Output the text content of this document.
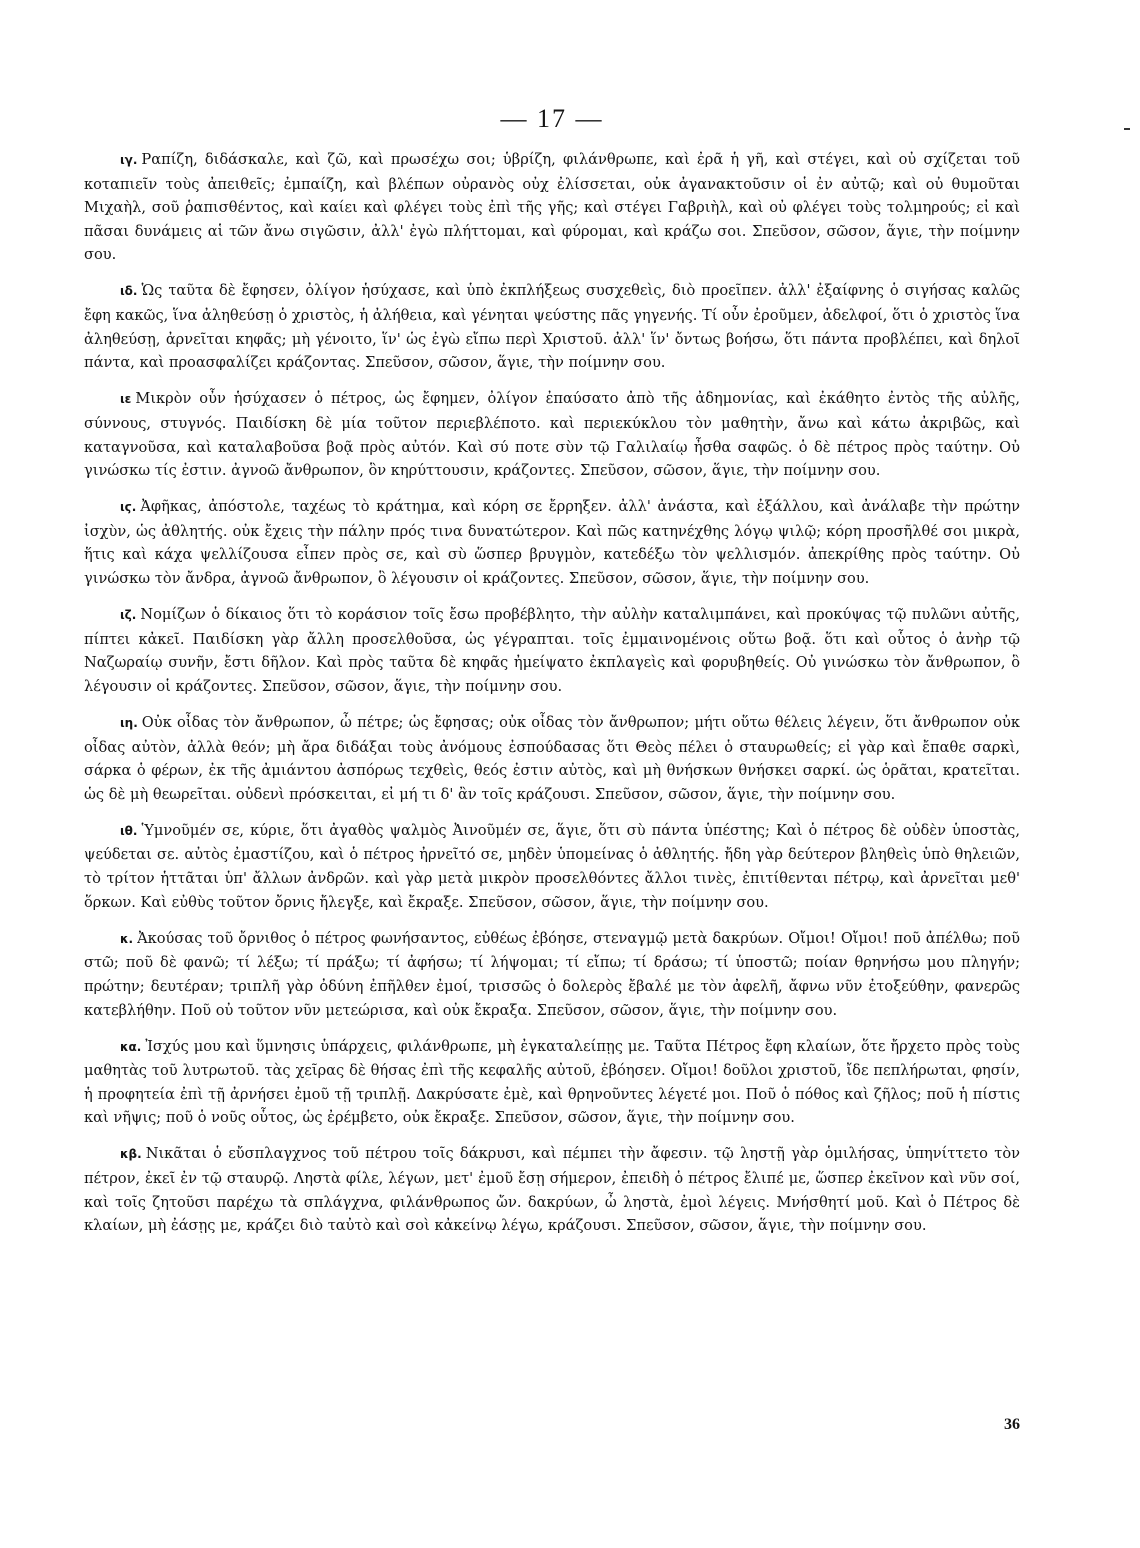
— 17 —

ιγ. Ραπίζη, διδάσκαλε, καὶ ζῶ, καὶ πρωσέχω σοι; ὑβρίζη, φιλάνθρωπε, καὶ ἐρᾶ ἡ γῆ, καὶ στέγει, καὶ οὐ σχίζεται τοῦ κοταπιεῖν τοὺς ἀπειθεῖς; ἐμπαίζη, καὶ βλέπων οὐρανὸς οὐχ ἐλίσσεται, οὐκ ἀγανακτοῦσιν οἱ ἐν αὐτῷ; καὶ οὐ θυμοῦται Μιχαὴλ, σοῦ ῥαπισθέντος, καὶ καίει καὶ φλέγει τοὺς ἐπὶ τῆς γῆς; καὶ στέγει Γαβριὴλ, καὶ οὐ φλέγει τοὺς τολμηρούς; εἰ καὶ πᾶσαι δυνάμεις αἱ τῶν ἄνω σιγῶσιν, ἀλλ' ἐγὼ πλήττομαι, καὶ φύρομαι, καὶ κράζω σοι. Σπεῦσον, σῶσον, ἅγιε, τὴν ποίμνην σου.

ιδ. Ὡς ταῦτα δὲ ἔφησεν, ὀλίγον ἡσύχασε, καὶ ὑπὸ ἐκπλήξεως συσχεθεὶς, διὸ προεῖπεν. ἀλλ' ἐξαίφνης ὁ σιγήσας καλῶς ἔφη κακῶς, ἵνα ἀληθεύσῃ ὁ χριστὸς, ἡ ἀλήθεια, καὶ γένηται ψεύστης πᾶς γηγενής. Τί οὖν ἐροῦμεν, ἀδελφοί, ὅτι ὁ χριστὸς ἵνα ἀληθεύσῃ, ἀρνεῖται κηφᾶς; μὴ γένοιτο, ἵν' ὡς ἐγὼ εἴπω περὶ Χριστοῦ. ἀλλ' ἵν' ὄντως βοήσω, ὅτι πάντα προβλέπει, καὶ δηλοῖ πάντα, καὶ προασφαλίζει κράζοντας. Σπεῦσον, σῶσον, ἅγιε, τὴν ποίμνην σου.

ιε Μικρὸν οὖν ἡσύχασεν ὁ πέτρος, ὡς ἔφημεν, ὀλίγον ἐπαύσατο ἀπὸ τῆς ἀδημονίας, καὶ ἐκάθητο ἐντὸς τῆς αὐλῆς, σύννους, στυγνός. Παιδίσκη δὲ μία τοῦτον περιεβλέποτο. καὶ περιεκύκλου τὸν μαθητὴν, ἄνω καὶ κάτω ἀκριβῶς, καὶ καταγνοῦσα, καὶ καταλαβοῦσα βοᾷ πρὸς αὐτόν. Καὶ σύ ποτε σὺν τῷ Γαλιλαίῳ ἦσθα σαφῶς. ὁ δὲ πέτρος πρὸς ταύτην. Οὐ γινώσκω τίς ἐστιν. ἀγνοῶ ἄνθρωπον, ὃν κηρύττουσιν, κράζοντες. Σπεῦσον, σῶσον, ἅγιε, τὴν ποίμνην σου.

ιϛ. Ἀφῆκας, ἀπόστολε, ταχέως τὸ κράτημα, καὶ κόρη σε ἔρρηξεν. ἀλλ' ἀνάστα, καὶ ἐξάλλου, καὶ ἀνάλαβε τὴν πρώτην ἰσχὺν, ὡς ἀθλητής. οὐκ ἔχεις τὴν πάλην πρός τινα δυνατώτερον. Καὶ πῶς κατηνέχθης λόγῳ ψιλῷ; κόρη προσῆλθέ σοι μικρὰ, ἥτις καὶ κάχα ψελλίζουσα εἶπεν πρὸς σε, καὶ σὺ ὥσπερ βρυγμὸν, κατεδέξω τὸν ψελλισμόν. ἀπεκρίθης πρὸς ταύτην. Οὐ γινώσκω τὸν ἄνδρα, ἀγνοῶ ἄνθρωπον, ὃ λέγουσιν οἱ κράζοντες. Σπεῦσον, σῶσον, ἅγιε, τὴν ποίμνην σου.

ιζ. Νομίζων ὁ δίκαιος ὅτι τὸ κοράσιον τοῖς ἔσω προβέβλητο, τὴν αὐλὴν καταλιμπάνει, καὶ προκύψας τῷ πυλῶνι αὐτῆς, πίπτει κἀκεῖ. Παιδίσκη γὰρ ἄλλη προσελθοῦσα, ὡς γέγραπται. τοῖς ἐμμαινομένοις οὕτω βοᾷ. ὅτι καὶ οὗτος ὁ ἀνὴρ τῷ Ναζωραίῳ συνῆν, ἔστι δῆλον. Καὶ πρὸς ταῦτα δὲ κηφᾶς ἠμείψατο ἐκπλαγεὶς καὶ φορυβηθείς. Οὐ γινώσκω τὸν ἄνθρωπον, ὃ λέγουσιν οἱ κράζοντες. Σπεῦσον, σῶσον, ἅγιε, τὴν ποίμνην σου.

ιη. Οὐκ οἶδας τὸν ἄνθρωπον, ὦ πέτρε; ὡς ἔφησας; οὐκ οἶδας τὸν ἄνθρωπον; μήτι οὕτω θέλεις λέγειν, ὅτι ἄνθρωπον οὐκ οἶδας αὐτὸν, ἀλλὰ θεόν; μὴ ἄρα διδάξαι τοὺς ἀνόμους ἐσπούδασας ὅτι Θεὸς πέλει ὁ σταυρωθείς; εἰ γὰρ καὶ ἔπαθε σαρκὶ, σάρκα ὁ φέρων, ἐκ τῆς ἀμιάντου ἀσπόρως τεχθεὶς, θεός ἐστιν αὐτὸς, καὶ μὴ θνήσκων θνήσκει σαρκί. ὡς ὁρᾶται, κρατεῖται. ὡς δὲ μὴ θεωρεῖται. οὐδενὶ πρόσκειται, εἰ μή τι δ' ἂν τοῖς κράζουσι. Σπεῦσον, σῶσον, ἅγιε, τὴν ποίμνην σου.

ιθ. Ὑμνοῦμέν σε, κύριε, ὅτι ἀγαθὸς ψαλμὸς Ἀινοῦμέν σε, ἅγιε, ὅτι σὺ πάντα ὑπέστης; Καὶ ὁ πέτρος δὲ οὐδὲν ὑποστὰς, ψεύδεται σε. αὐτὸς ἐμαστίζου, καὶ ὁ πέτρος ἠρνεῖτό σε, μηδὲν ὑπομείνας ὁ ἀθλητής. ἤδη γὰρ δεύτερον βληθεὶς ὑπὸ θηλειῶν, τὸ τρίτον ἡττᾶται ὑπ' ἄλλων ἀνδρῶν. καὶ γὰρ μετὰ μικρὸν προσελθόντες ἄλλοι τινὲς, ἐπιτίθενται πέτρῳ, καὶ ἀρνεῖται μεθ' ὅρκων. Καὶ εὐθὺς τοῦτον ὄρνις ἤλεγξε, καὶ ἔκραξε. Σπεῦσον, σῶσον, ἅγιε, τὴν ποίμνην σου.

κ. Ἀκούσας τοῦ ὄρνιθος ὁ πέτρος φωνήσαντος, εὐθέως ἐβόησε, στεναγμῷ μετὰ δακρύων. Οἴμοι! Οἴμοι! ποῦ ἀπέλθω; ποῦ στῶ; ποῦ δὲ φανῶ; τί λέξω; τί πράξω; τί ἀφήσω; τί λήψομαι; τί εἴπω; τί δράσω; τί ὑποστῶ; ποίαν θρηνήσω μου πληγήν; πρώτην; δευτέραν; τριπλῆ γὰρ ὀδύνη ἐπῆλθεν ἐμοί, τρισσῶς ὁ δολερὸς ἔβαλέ με τὸν ἀφελῆ, ἄφνω νῦν ἐτοξεύθην, φανερῶς κατεβλήθην. Ποῦ οὐ τοῦτον νῦν μετεώρισα, καὶ οὐκ ἔκραξα. Σπεῦσον, σῶσον, ἅγιε, τὴν ποίμνην σου.

κα. Ἰσχύς μου καὶ ὕμνησις ὑπάρχεις, φιλάνθρωπε, μὴ ἐγκαταλείπῃς με. Ταῦτα Πέτρος ἔφη κλαίων, ὅτε ἤρχετο πρὸς τοὺς μαθητὰς τοῦ λυτρωτοῦ. τὰς χεῖρας δὲ θήσας ἐπὶ τῆς κεφαλῆς αὐτοῦ, ἐβόησεν. Οἴμοι! δοῦλοι χριστοῦ, ἴδε πεπλήρωται, φησίν, ἡ προφητεία ἐπὶ τῇ ἀρνήσει ἐμοῦ τῇ τριπλῇ. Δακρύσατε ἐμὲ, καὶ θρηνοῦντες λέγετέ μοι. Ποῦ ὁ πόθος καὶ ζῆλος; ποῦ ἡ πίστις καὶ νῆψις; ποῦ ὁ νοῦς οὗτος, ὡς ἐρέμβετο, οὐκ ἔκραξε. Σπεῦσον, σῶσον, ἅγιε, τὴν ποίμνην σου.

κβ. Νικᾶται ὁ εὔσπλαγχνος τοῦ πέτρου τοῖς δάκρυσι, καὶ πέμπει τὴν ἄφεσιν. τῷ ληστῇ γὰρ ὁμιλήσας, ὑπηνίττετο τὸν πέτρον, ἐκεῖ ἐν τῷ σταυρῷ. Ληστὰ φίλε, λέγων, μετ' ἐμοῦ ἔσῃ σήμερον, ἐπειδὴ ὁ πέτρος ἔλιπέ με, ὥσπερ ἐκεῖνον καὶ νῦν σοί, καὶ τοῖς ζητοῦσι παρέχω τὰ σπλάγχνα, φιλάνθρωπος ὤν. δακρύων, ὦ ληστὰ, ἐμοὶ λέγεις. Μνήσθητί μοῦ. Καὶ ὁ Πέτρος δὲ κλαίων, μὴ ἐάσῃς με, κράζει διὸ ταὐτὸ καὶ σοὶ κἀκείνῳ λέγω, κράζουσι. Σπεῦσον, σῶσον, ἅγιε, τὴν ποίμνην σου.

36
